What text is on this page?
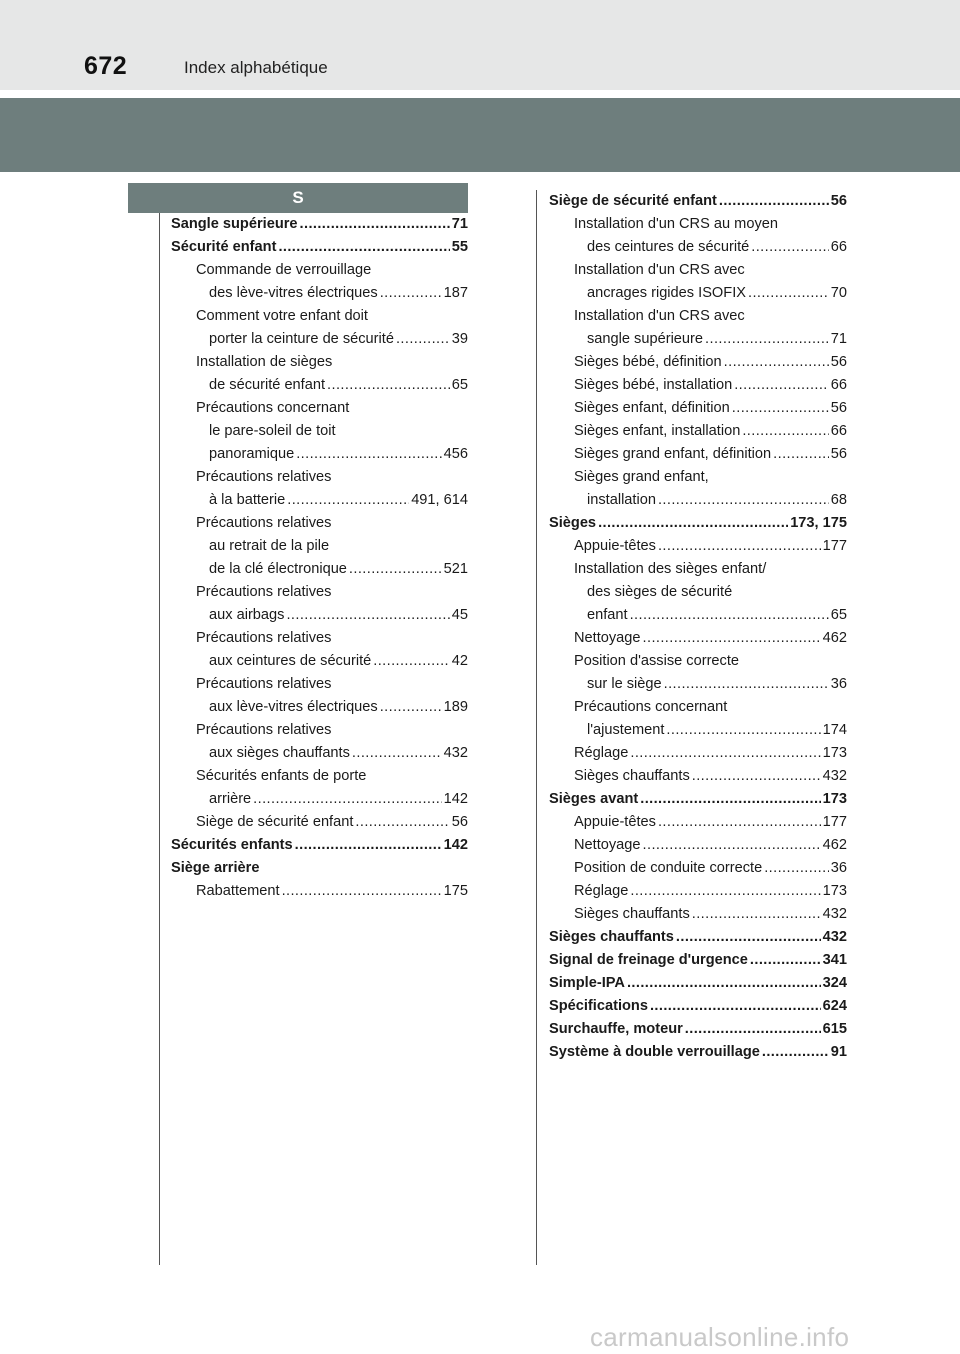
672	Index alphabétique
S
Sangle supérieure .....	71
Sécurité enfant .....	55
Commande de verrouillage
des lève-vitres électriques .....	187
Comment votre enfant doit
porter la ceinture de sécurité .....	39
Installation de sièges
de sécurité enfant .....	65
Précautions concernant
le pare-soleil de toit
panoramique .....	456
Précautions relatives
à la batterie .....	491, 614
Précautions relatives
au retrait de la pile
de la clé électronique .....	521
Précautions relatives
aux airbags .....	45
Précautions relatives
aux ceintures de sécurité .....	42
Précautions relatives
aux lève-vitres électriques .....	189
Précautions relatives
aux sièges chauffants .....	432
Sécurités enfants de porte
arrière .....	142
Siège de sécurité enfant .....	56
Sécurités enfants .....	142
Siège arrière
Rabattement .....	175
Siège de sécurité enfant .....	56
Installation d'un CRS au moyen
des ceintures de sécurité .....	66
Installation d'un CRS avec
ancrages rigides ISOFIX .....	70
Installation d'un CRS avec
sangle supérieure .....	71
Sièges bébé, définition .....	56
Sièges bébé, installation .....	66
Sièges enfant, définition .....	56
Sièges enfant, installation .....	66
Sièges grand enfant, définition .....	56
Sièges grand enfant,
installation .....	68
Sièges .....	173, 175
Appuie-têtes .....	177
Installation des sièges enfant/
des sièges de sécurité
enfant .....	65
Nettoyage .....	462
Position d'assise correcte
sur le siège .....	36
Précautions concernant
l'ajustement .....	174
Réglage .....	173
Sièges chauffants .....	432
Sièges avant .....	173
Appuie-têtes .....	177
Nettoyage .....	462
Position de conduite correcte .....	36
Réglage .....	173
Sièges chauffants .....	432
Sièges chauffants .....	432
Signal de freinage d'urgence .....	341
Simple-IPA .....	324
Spécifications .....	624
Surchauffe, moteur .....	615
Système à double verrouillage .....	91
carmanualsonline.info
